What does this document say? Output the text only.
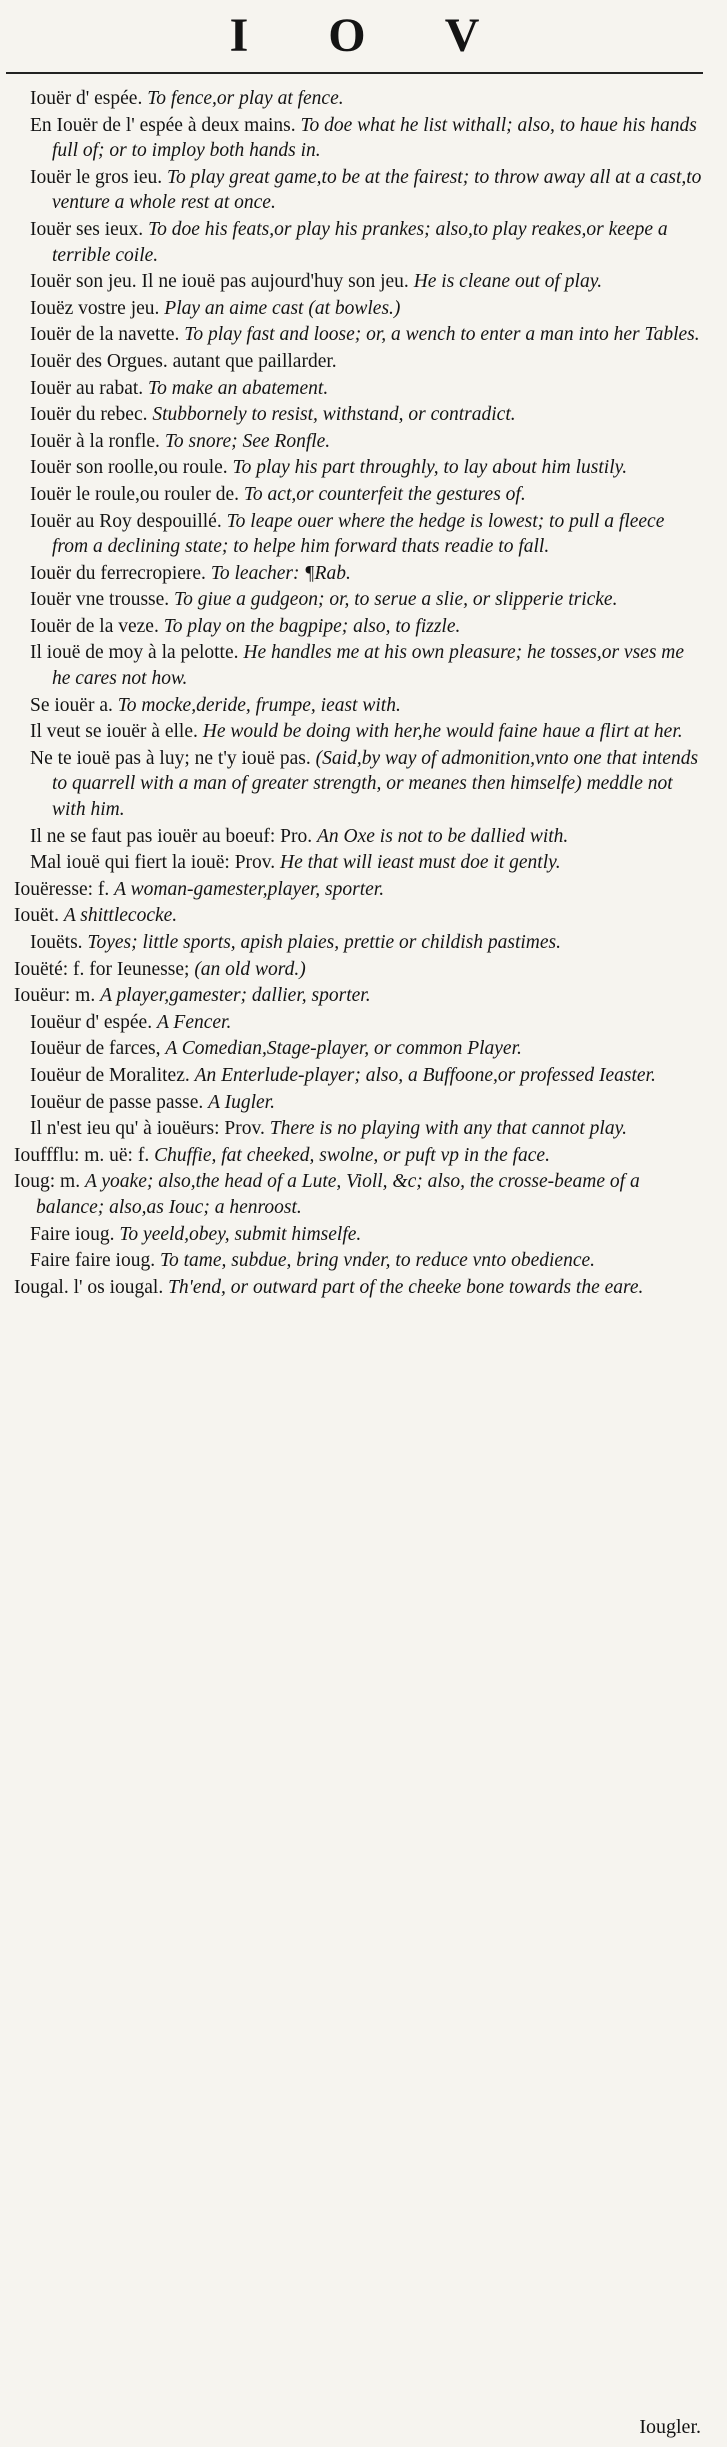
I O V
Iouër d' espée. To fence,or play at fence.
En Iouër de l' espée à deux mains. To doe what he list withall; also, to haue his hands full of; or to imploy both hands in.
Iouër le gros ieu. To play great game,to be at the fairest; to throw away all at a cast,to venture a whole rest at once.
Iouër ses ieux. To doe his feats,or play his prankes; also,to play reakes,or keepe a terrible coile.
Iouër son jeu. Il ne iouë pas aujourd'huy son jeu. He is cleane out of play.
Iouëz vostre jeu. Play an aime cast (at bowles.)
Iouër de la navette. To play fast and loose; or, a wench to enter a man into her Tables.
Iouër des Orgues. autant que paillarder.
Iouër au rabat. To make an abatement.
Iouër du rebec. Stubbornely to resist, withstand, or contradict.
Iouër à la ronfle. To snore; See Ronfle.
Iouër son roolle,ou roule. To play his part throughly, to lay about him lustily.
Iouër le roule,ou rouler de. To act,or counterfeit the gestures of.
Iouër au Roy despouillé. To leape ouer where the hedge is lowest; to pull a fleece from a declining state; to helpe him forward thats readie to fall.
Iouër du ferrecropiere. To leacher: ¶Rab.
Iouër vne trousse. To giue a gudgeon; or, to serue a slie, or slipperie tricke.
Iouër de la veze. To play on the bagpipe; also, to fizzle.
Il iouë de moy à la pelotte. He handles me at his own pleasure; he tosses,or vses me he cares not how.
Se iouër a. To mocke,deride, frumpe, ieast with.
Il veut se iouër à elle. He would be doing with her,he would faine haue a flirt at her.
Ne te iouë pas à luy; ne t'y iouë pas. (Said,by way of admonition,vnto one that intends to quarrell with a man of greater strength, or meanes then himselfe) meddle not with him.
Il ne se faut pas iouër au boeuf: Pro. An Oxe is not to be dallied with.
Mal iouë qui fiert la iouë: Prov. He that will ieast must doe it gently.
Iouëresse: f. A woman-gamester,player, sporter.
Iouët. A shittlecocke.
Iouëts. Toyes; little sports, apish plaies, prettie or childish pastimes.
Iouëté: f. for Ieunesse; (an old word.)
Iouëur: m. A player,gamester; dallier, sporter.
Iouëur d' espée. A Fencer.
Iouëur de farces, A Comedian,Stage-player, or common Player.
Iouëur de Moralitez. An Enterlude-player; also, a Buffoone,or professed Ieaster.
Iouëur de passe passe. A Iugler.
Il n'est ieu qu' à iouëurs: Prov. There is no playing with any that cannot play.
Iouffflu: m. uë: f. Chuffie, fat cheeked, swolne, or puft vp in the face.
Ioug: m. A yoake; also,the head of a Lute, Violl, &c; also, the crosse-beame of a balance; also,as Iouc; a henroost.
Faire ioug. To yeeld,obey, submit himselfe.
Faire faire ioug. To tame, subdue, bring vnder, to reduce vnto obedience.
Iougal. l' os iougal. Th'end, or outward part of the cheeke bone towards the eare.
Iougler.
